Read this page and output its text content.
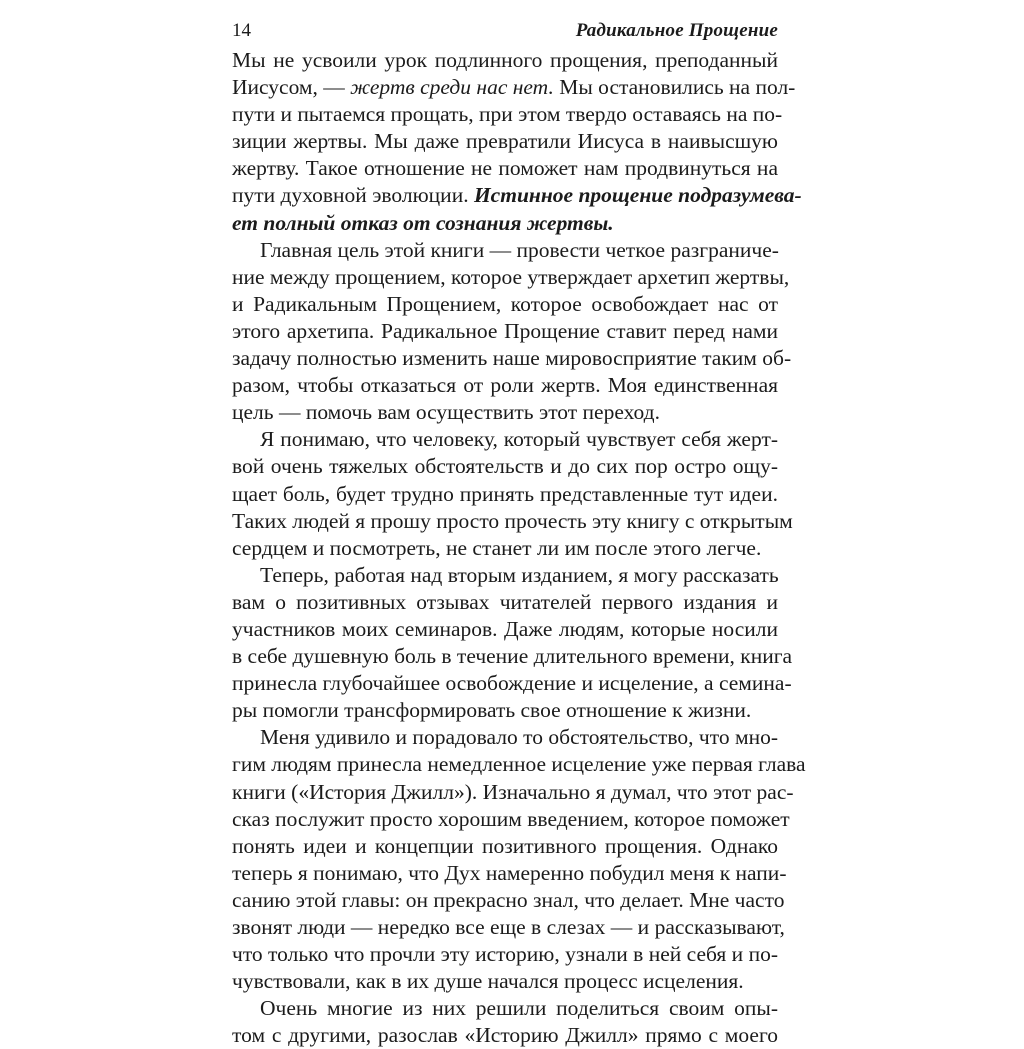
14	Радикальное Прощение
Мы не усвоили урок подлинного прощения, преподанный
Иисусом, — жертв среди нас нет. Мы остановились на пол-
пути и пытаемся прощать, при этом твердо оставаясь на по-
зиции жертвы. Мы даже превратили Иисуса в наивысшую
жертву. Такое отношение не поможет нам продвинуться на
пути духовной эволюции. Истинное прощение подразумева-
ет полный отказ от сознания жертвы.
Главная цель этой книги — провести четкое разграниче-
ние между прощением, которое утверждает архетип жертвы,
и Радикальным Прощением, которое освобождает нас от
этого архетипа. Радикальное Прощение ставит перед нами
задачу полностью изменить наше мировосприятие таким об-
разом, чтобы отказаться от роли жертв. Моя единственная
цель — помочь вам осуществить этот переход.
Я понимаю, что человеку, который чувствует себя жерт-
вой очень тяжелых обстоятельств и до сих пор остро ощу-
щает боль, будет трудно принять представленные тут идеи.
Таких людей я прошу просто прочесть эту книгу с открытым
сердцем и посмотреть, не станет ли им после этого легче.
Теперь, работая над вторым изданием, я могу рассказать
вам о позитивных отзывах читателей первого издания и
участников моих семинаров. Даже людям, которые носили
в себе душевную боль в течение длительного времени, книга
принесла глубочайшее освобождение и исцеление, а семина-
ры помогли трансформировать свое отношение к жизни.
Меня удивило и порадовало то обстоятельство, что мно-
гим людям принесла немедленное исцеление уже первая глава
книги («История Джилл»). Изначально я думал, что этот рас-
сказ послужит просто хорошим введением, которое поможет
понять идеи и концепции позитивного прощения. Однако
теперь я понимаю, что Дух намеренно побудил меня к напи-
санию этой главы: он прекрасно знал, что делает. Мне часто
звонят люди — нередко все еще в слезах — и рассказывают,
что только что прочли эту историю, узнали в ней себя и по-
чувствовали, как в их душе начался процесс исцеления.
Очень многие из них решили поделиться своим опы-
том с другими, разослав «Историю Джилл» прямо с моего
